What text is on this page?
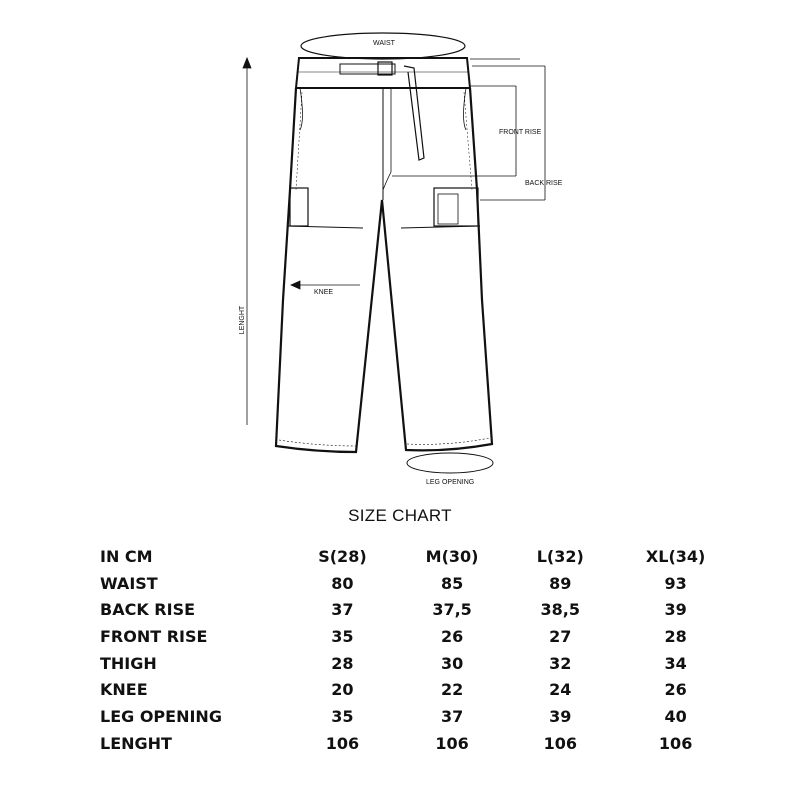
WAIST
FRONT RISE
BACK RISE
KNEE
LENGHT
LEG OPENING
SIZE CHART
IN CM	S(28)	M(30)	L(32)	XL(34)
WAIST	80	85	89	93
BACK RISE	37	37,5	38,5	39
FRONT RISE	35	26	27	28
THIGH	28	30	32	34
KNEE	20	22	24	26
LEG OPENING	35	37	39	40
LENGHT	106	106	106	106
